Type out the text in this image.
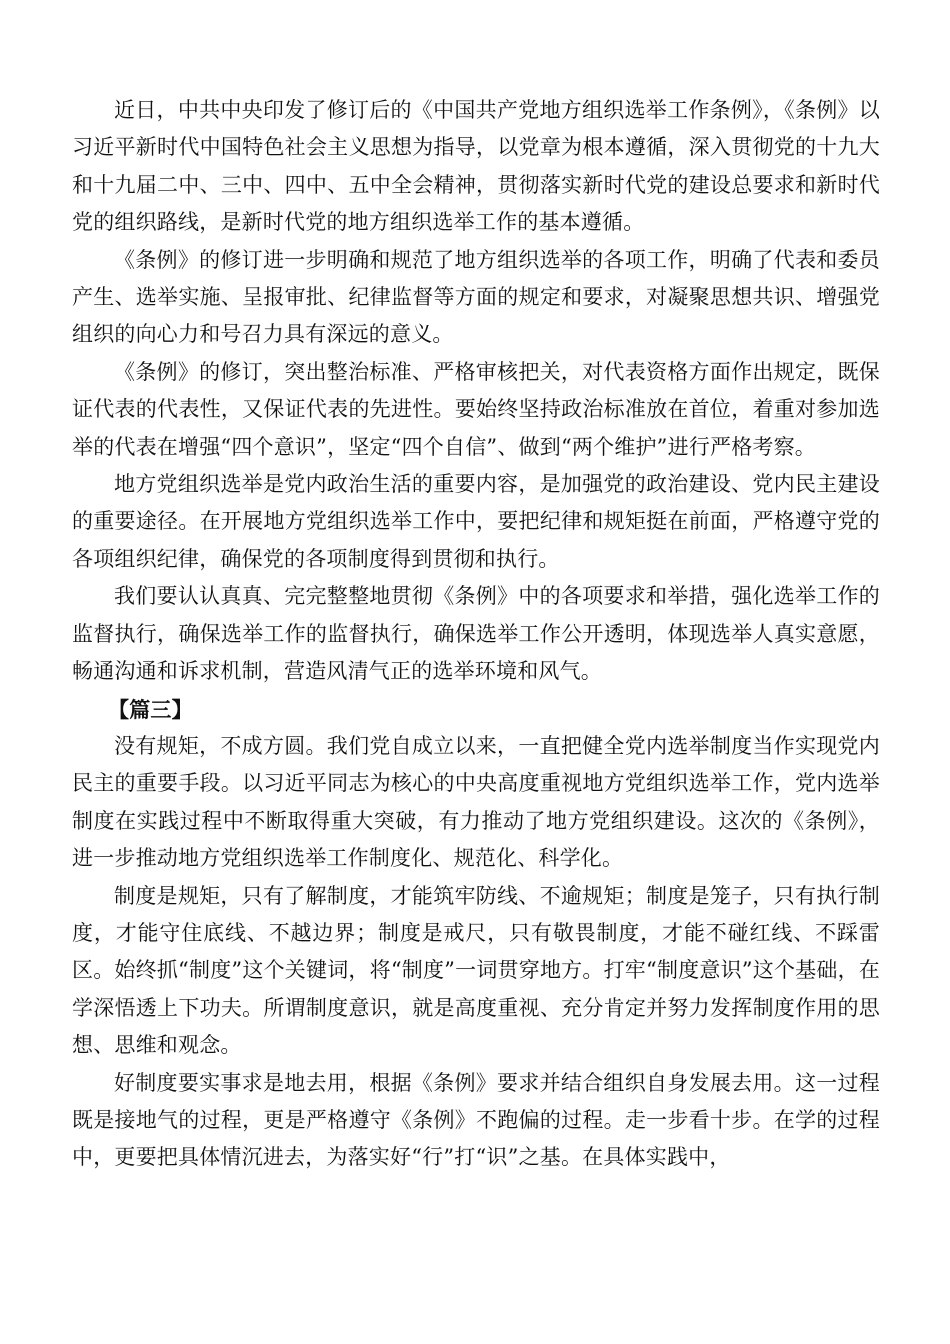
近日，中共中央印发了修订后的《中国共产党地方组织选举工作条例》，《条例》以习近平新时代中国特色社会主义思想为指导，以党章为根本遵循，深入贯彻党的十九大和十九届二中、三中、四中、五中全会精神，贯彻落实新时代党的建设总要求和新时代党的组织路线，是新时代党的地方组织选举工作的基本遵循。

《条例》的修订进一步明确和规范了地方组织选举的各项工作，明确了代表和委员产生、选举实施、呈报审批、纪律监督等方面的规定和要求，对凝聚思想共识、增强党组织的向心力和号召力具有深远的意义。

《条例》的修订，突出整治标准、严格审核把关，对代表资格方面作出规定，既保证代表的代表性，又保证代表的先进性。要始终坚持政治标准放在首位，着重对参加选举的代表在增强“四个意识”，坚定“四个自信”、做到“两个维护”进行严格考察。

地方党组织选举是党内政治生活的重要内容，是加强党的政治建设、党内民主建设的重要途径。在开展地方党组织选举工作中，要把纪律和规矩挺在前面，严格遵守党的各项组织纪律，确保党的各项制度得到贯彻和执行。

我们要认认真真、完完整整地贯彻《条例》中的各项要求和举措，强化选举工作的监督执行，确保选举工作的监督执行，确保选举工作公开透明，体现选举人真实意愿，畅通沟通和诉求机制，营造风清气正的选举环境和风气。

【篇三】

没有规矩，不成方圆。我们党自成立以来，一直把健全党内选举制度当作实现党内民主的重要手段。以习近平同志为核心的中央高度重视地方党组织选举工作，党内选举制度在实践过程中不断取得重大突破，有力推动了地方党组织建设。这次的《条例》，进一步推动地方党组织选举工作制度化、规范化、科学化。

制度是规矩，只有了解制度，才能筑牢防线、不逾规矩；制度是笼子，只有执行制度，才能守住底线、不越边界；制度是戒尺，只有敬畏制度，才能不碰红线、不踩雷区。始终抓“制度”这个关键词，将“制度”一词贯穿地方。打牢“制度意识”这个基础，在学深悟透上下功夫。所谓制度意识，就是高度重视、充分肯定并努力发挥制度作用的思想、思维和观念。

好制度要实事求是地去用，根据《条例》要求并结合组织自身发展去用。这一过程既是接地气的过程，更是严格遵守《条例》不跑偏的过程。走一步看十步。在学的过程中，更要把具体情沉进去，为落实好“行”打“识”之基。在具体实践中，
